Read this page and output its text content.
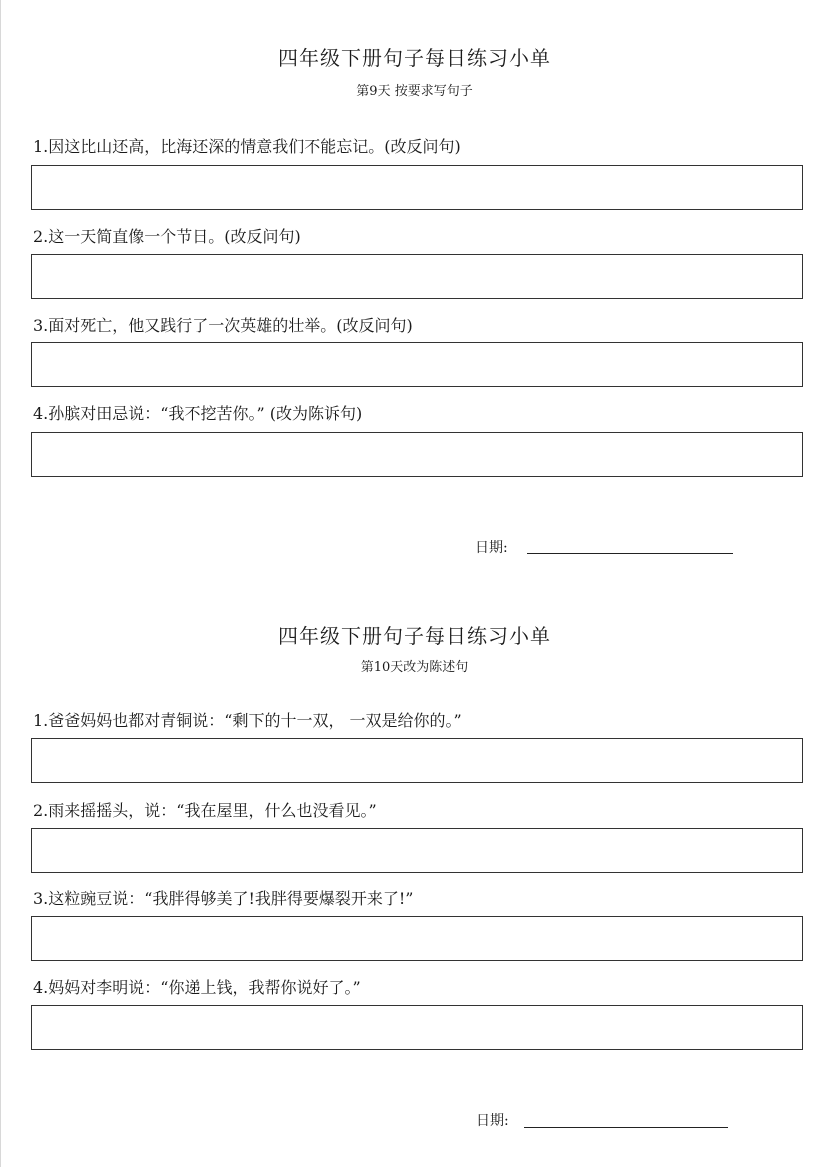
四年级下册句子每日练习小单
第9天 按要求写句子
1.因这比山还高，比海还深的情意我们不能忘记。(改反问句)
2.这一天简直像一个节日。(改反问句)
3.面对死亡，他又践行了一次英雄的壮举。(改反问句)
4.孙膑对田忌说：“我不挖苦你。” (改为陈诉句)
日期:
四年级下册句子每日练习小单
第10天改为陈述句
1.爸爸妈妈也都对青铜说：“剩下的十一双， 一双是给你的。”
2.雨来摇摇头，说：“我在屋里，什么也没看见。”
3.这粒豌豆说：“我胖得够美了!我胖得要爆裂开来了!”
4.妈妈对李明说：“你递上钱，我帮你说好了。”
日期:
